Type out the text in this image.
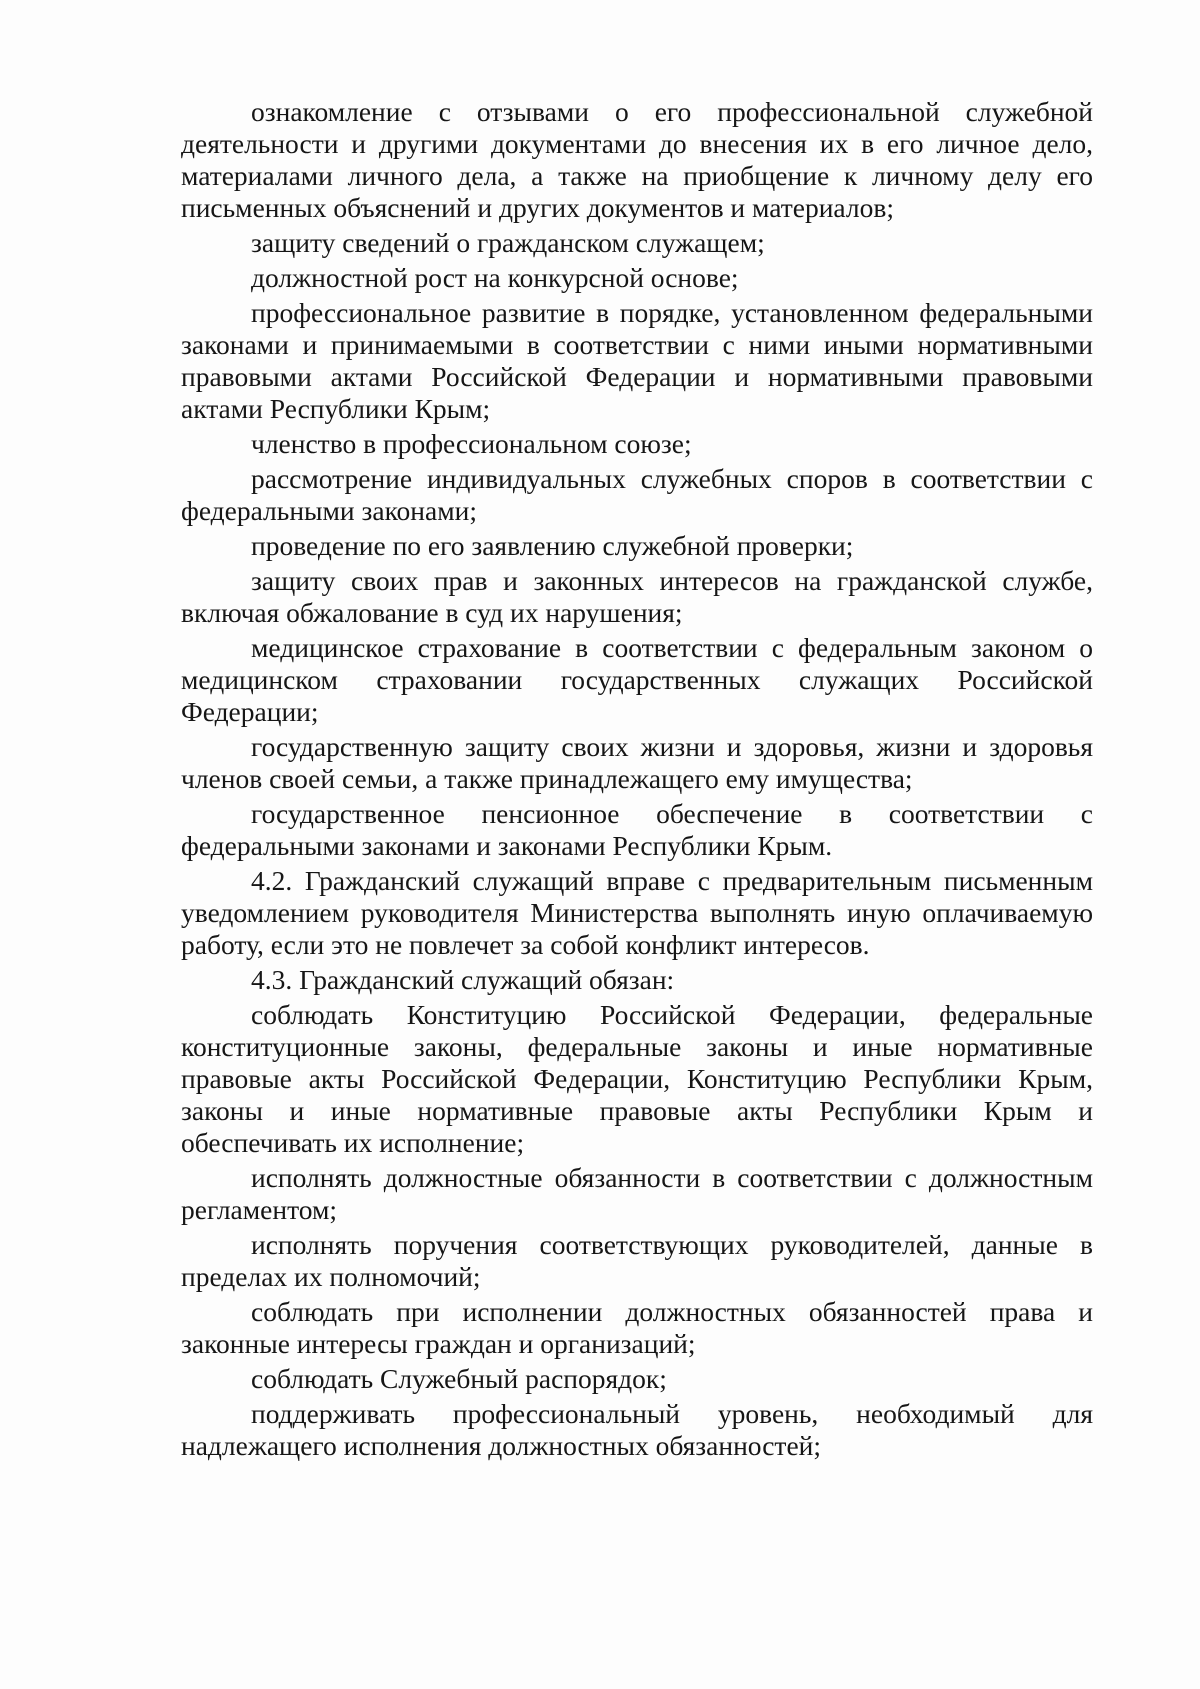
ознакомление с отзывами о его профессиональной служебной деятельности и другими документами до внесения их в его личное дело, материалами личного дела, а также на приобщение к личному делу его письменных объяснений и других документов и материалов;

защиту сведений о гражданском служащем;

должностной рост на конкурсной основе;

профессиональное развитие в порядке, установленном федеральными законами и принимаемыми в соответствии с ними иными нормативными правовыми актами Российской Федерации и нормативными правовыми актами Республики Крым;

членство в профессиональном союзе;

рассмотрение индивидуальных служебных споров в соответствии с федеральными законами;

проведение по его заявлению служебной проверки;

защиту своих прав и законных интересов на гражданской службе, включая обжалование в суд их нарушения;

медицинское страхование в соответствии с федеральным законом о медицинском страховании государственных служащих Российской Федерации;

государственную защиту своих жизни и здоровья, жизни и здоровья членов своей семьи, а также принадлежащего ему имущества;

государственное пенсионное обеспечение в соответствии с федеральными законами и законами Республики Крым.

4.2. Гражданский служащий вправе с предварительным письменным уведомлением руководителя Министерства выполнять иную оплачиваемую работу, если это не повлечет за собой конфликт интересов.

4.3. Гражданский служащий обязан:

соблюдать Конституцию Российской Федерации, федеральные конституционные законы, федеральные законы и иные нормативные правовые акты Российской Федерации, Конституцию Республики Крым, законы и иные нормативные правовые акты Республики Крым и обеспечивать их исполнение;

исполнять должностные обязанности в соответствии с должностным регламентом;

исполнять поручения соответствующих руководителей, данные в пределах их полномочий;

соблюдать при исполнении должностных обязанностей права и законные интересы граждан и организаций;

соблюдать Служебный распорядок;

поддерживать профессиональный уровень, необходимый для надлежащего исполнения должностных обязанностей;
